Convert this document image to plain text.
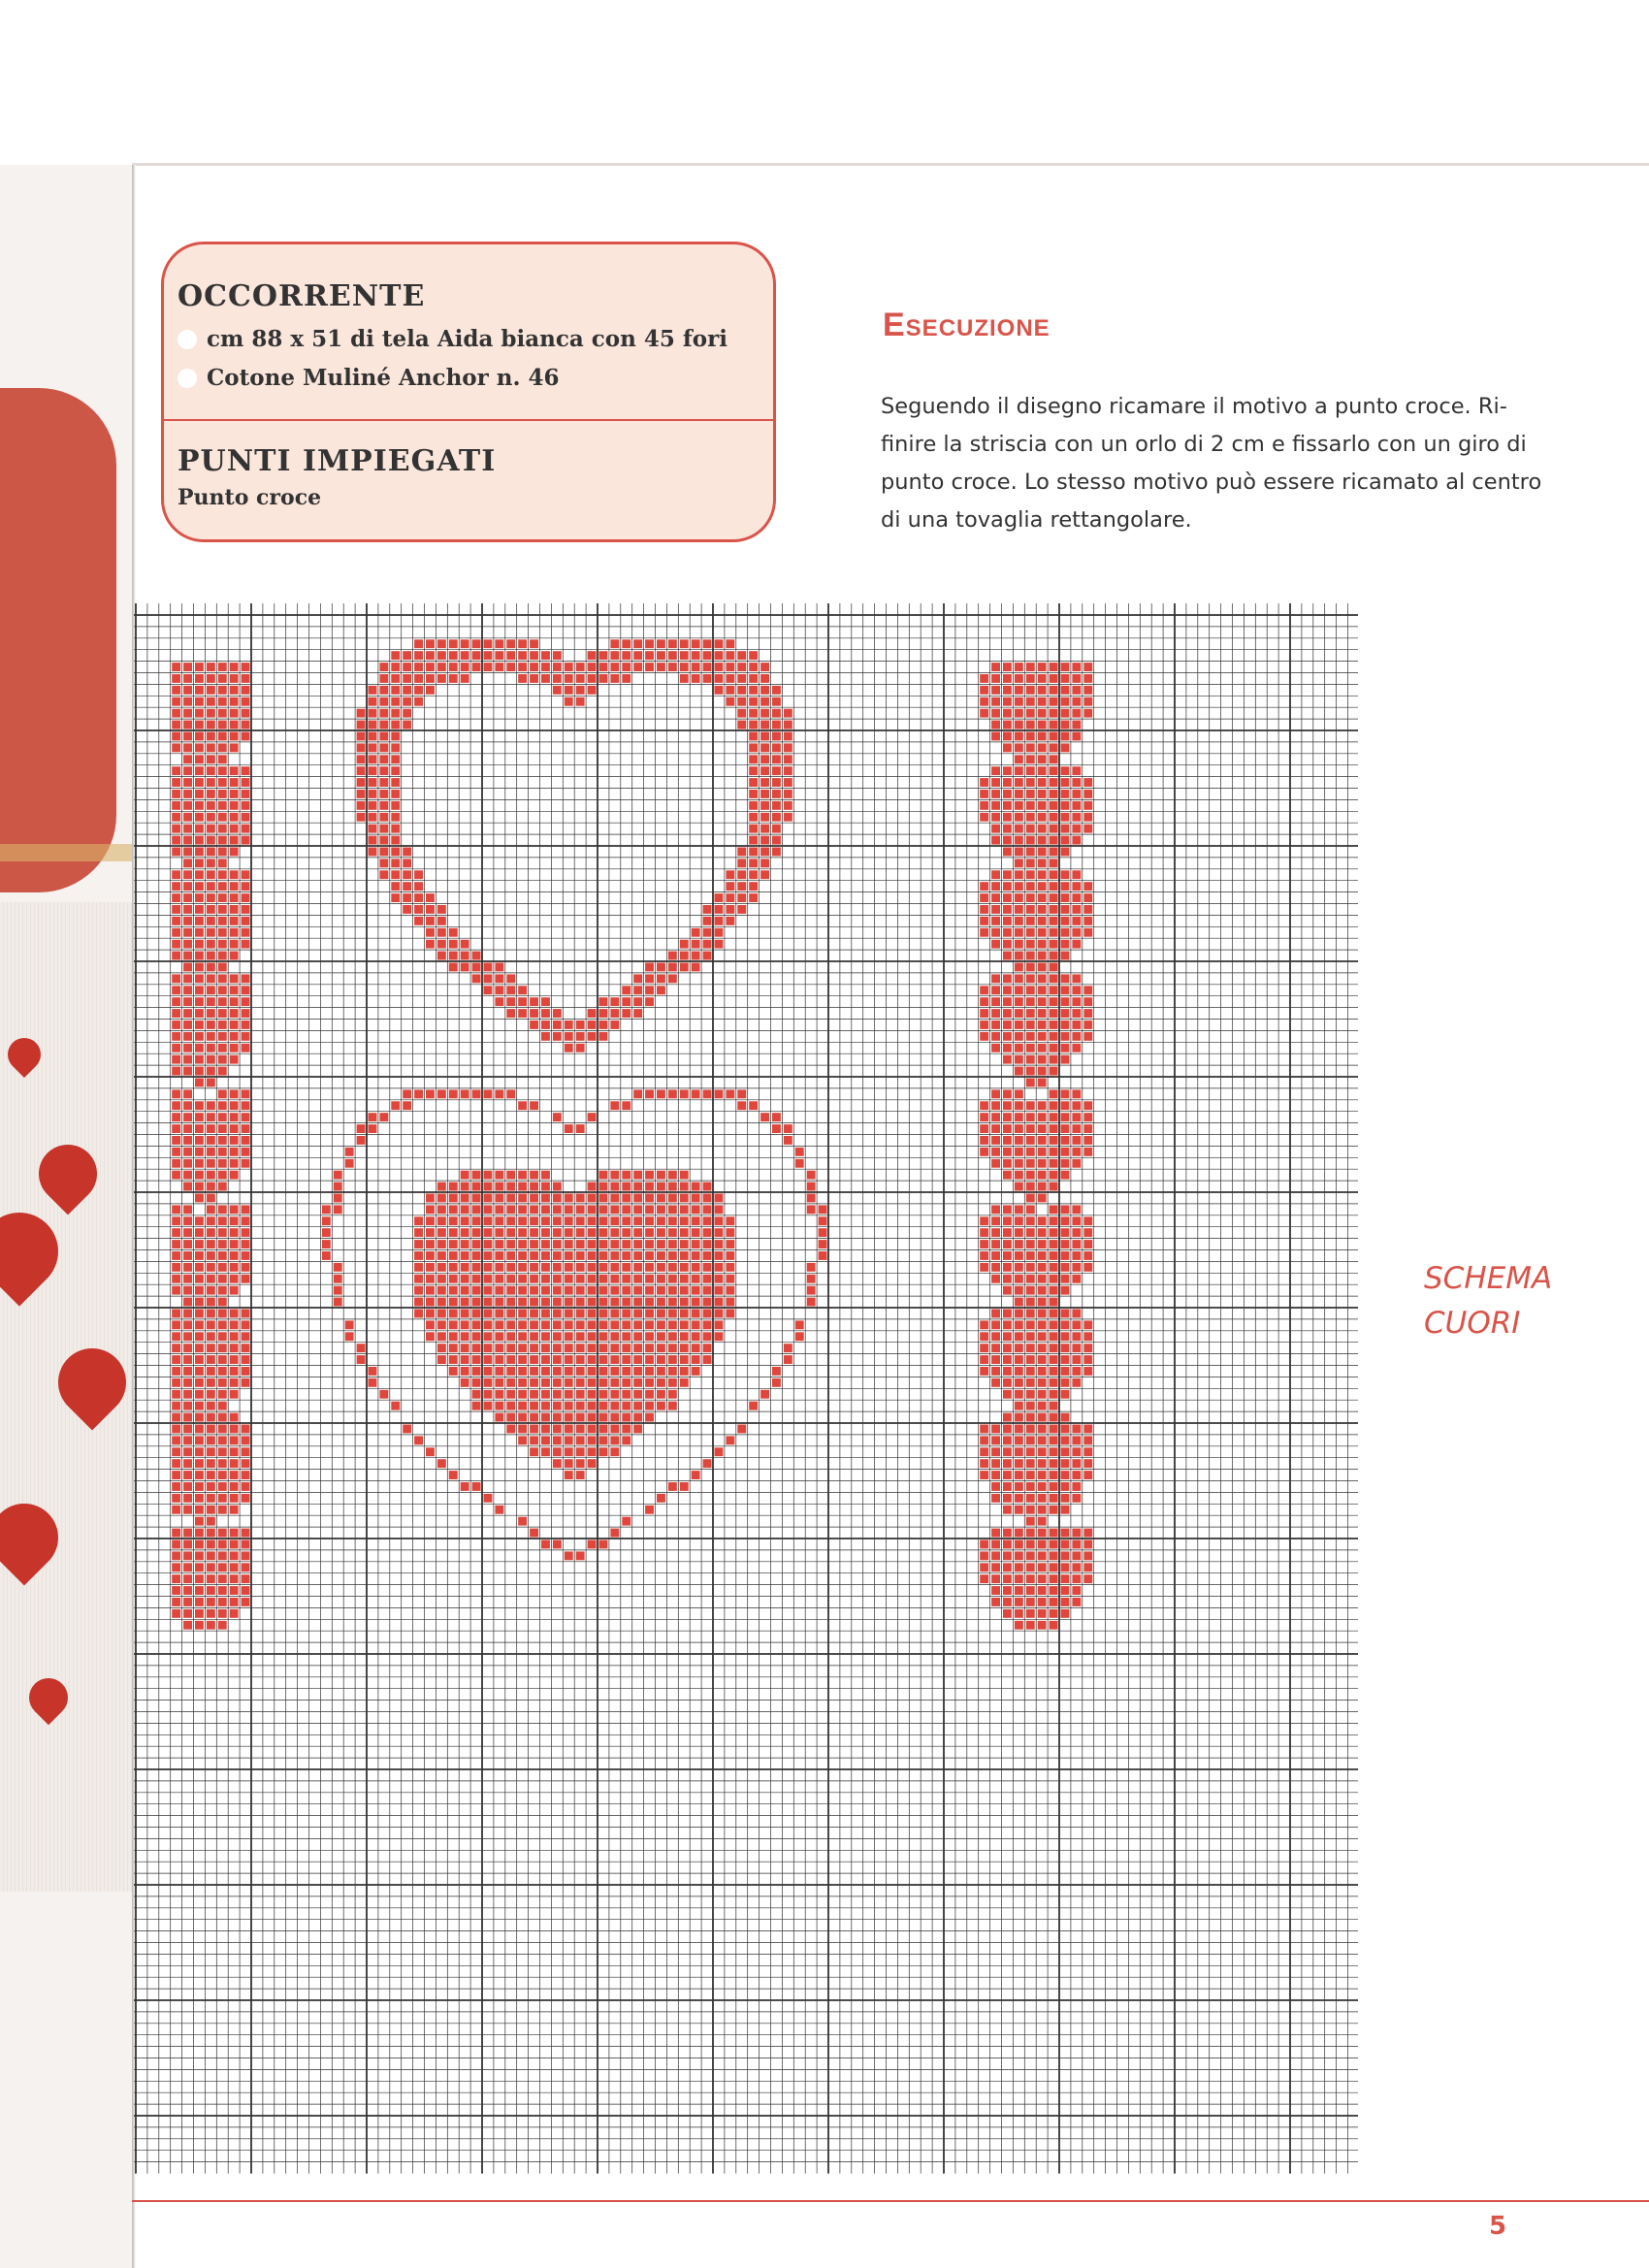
OCCORRENTE
cm 88 x 51 di tela Aida bianca con 45 fori
Cotone Muliné Anchor n. 46
PUNTI IMPIEGATI
Punto croce
Esecuzione
Seguendo il disegno ricamare il motivo a punto croce. Ri-
finire la striscia con un orlo di 2 cm e fissarlo con un giro di
punto croce. Lo stesso motivo può essere ricamato al centro
di una tovaglia rettangolare.
SCHEMA
CUORI
5
